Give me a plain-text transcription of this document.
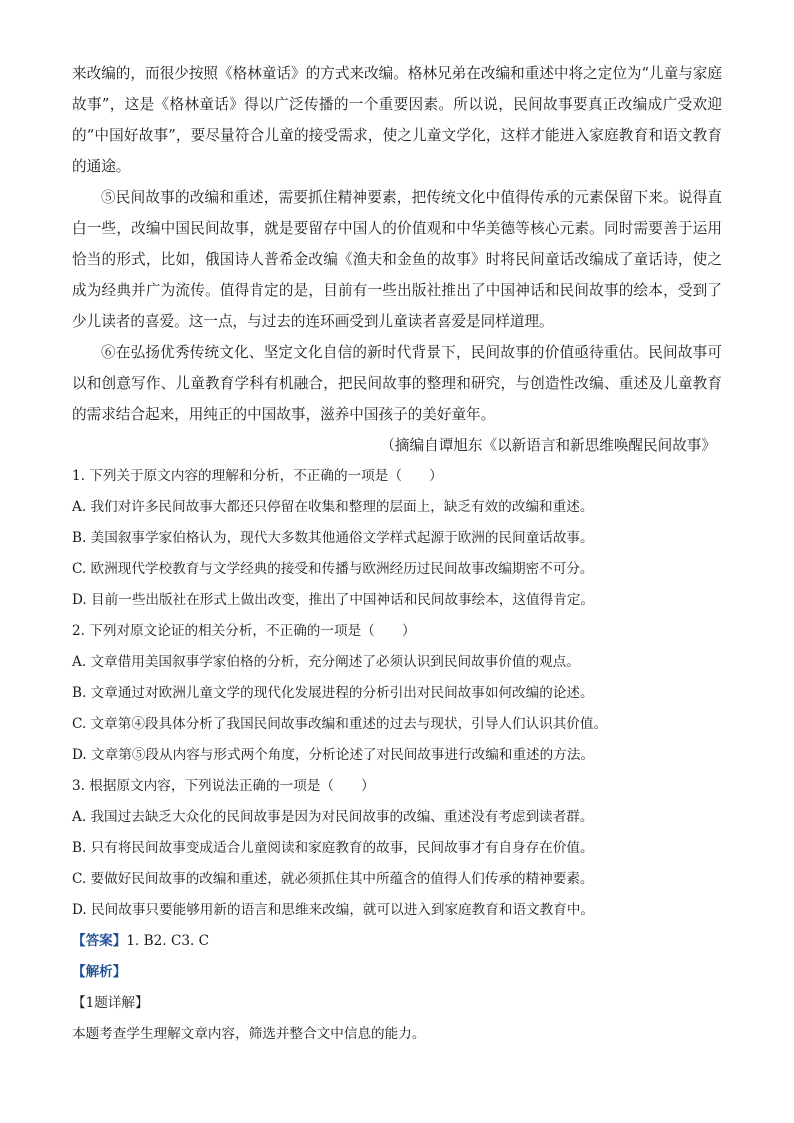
来改编的，而很少按照《格林童话》的方式来改编。格林兄弟在改编和重述中将之定位为“儿童与家庭故事”，这是《格林童话》得以广泛传播的一个重要因素。所以说，民间故事要真正改编成广受欢迎的“中国好故事”，要尽量符合儿童的接受需求，使之儿童文学化，这样才能进入家庭教育和语文教育的通途。

⑤民间故事的改编和重述，需要抓住精神要素，把传统文化中值得传承的元素保留下来。说得直白一些，改编中国民间故事，就是要留存中国人的价值观和中华美德等核心元素。同时需要善于运用恰当的形式，比如，俄国诗人普希金改编《渔夫和金鱼的故事》时将民间童话改编成了童话诗，使之成为经典并广为流传。值得肯定的是，目前有一些出版社推出了中国神话和民间故事的绘本，受到了少儿读者的喜爱。这一点，与过去的连环画受到儿童读者喜爱是同样道理。

⑥在弘扬优秀传统文化、坚定文化自信的新时代背景下，民间故事的价值亟待重估。民间故事可以和创意写作、儿童教育学科有机融合，把民间故事的整理和研究，与创造性改编、重述及儿童教育的需求结合起来，用纯正的中国故事，滋养中国孩子的美好童年。

（摘编自谭旭东《以新语言和新思维唤醒民间故事》

1. 下列关于原文内容的理解和分析，不正确的一项是（　　）

A. 我们对许多民间故事大都还只停留在收集和整理的层面上，缺乏有效的改编和重述。

B. 美国叙事学家伯格认为，现代大多数其他通俗文学样式起源于欧洲的民间童话故事。

C. 欧洲现代学校教育与文学经典的接受和传播与欧洲经历过民间故事改编期密不可分。

D. 目前一些出版社在形式上做出改变，推出了中国神话和民间故事绘本，这值得肯定。

2. 下列对原文论证的相关分析，不正确的一项是（　　）

A. 文章借用美国叙事学家伯格的分析，充分阐述了必须认识到民间故事价值的观点。

B. 文章通过对欧洲儿童文学的现代化发展进程的分析引出对民间故事如何改编的论述。

C. 文章第④段具体分析了我国民间故事改编和重述的过去与现状，引导人们认识其价值。

D. 文章第⑤段从内容与形式两个角度，分析论述了对民间故事进行改编和重述的方法。

3. 根据原文内容，下列说法正确的一项是（　　）

A. 我国过去缺乏大众化的民间故事是因为对民间故事的改编、重述没有考虑到读者群。

B. 只有将民间故事变成适合儿童阅读和家庭教育的故事，民间故事才有自身存在价值。

C. 要做好民间故事的改编和重述，就必须抓住其中所蕴含的值得人们传承的精神要素。

D. 民间故事只要能够用新的语言和思维来改编，就可以进入到家庭教育和语文教育中。

【答案】1. B2. C3. C

【解析】

【1题详解】

本题考查学生理解文章内容，筛选并整合文中信息的能力。
